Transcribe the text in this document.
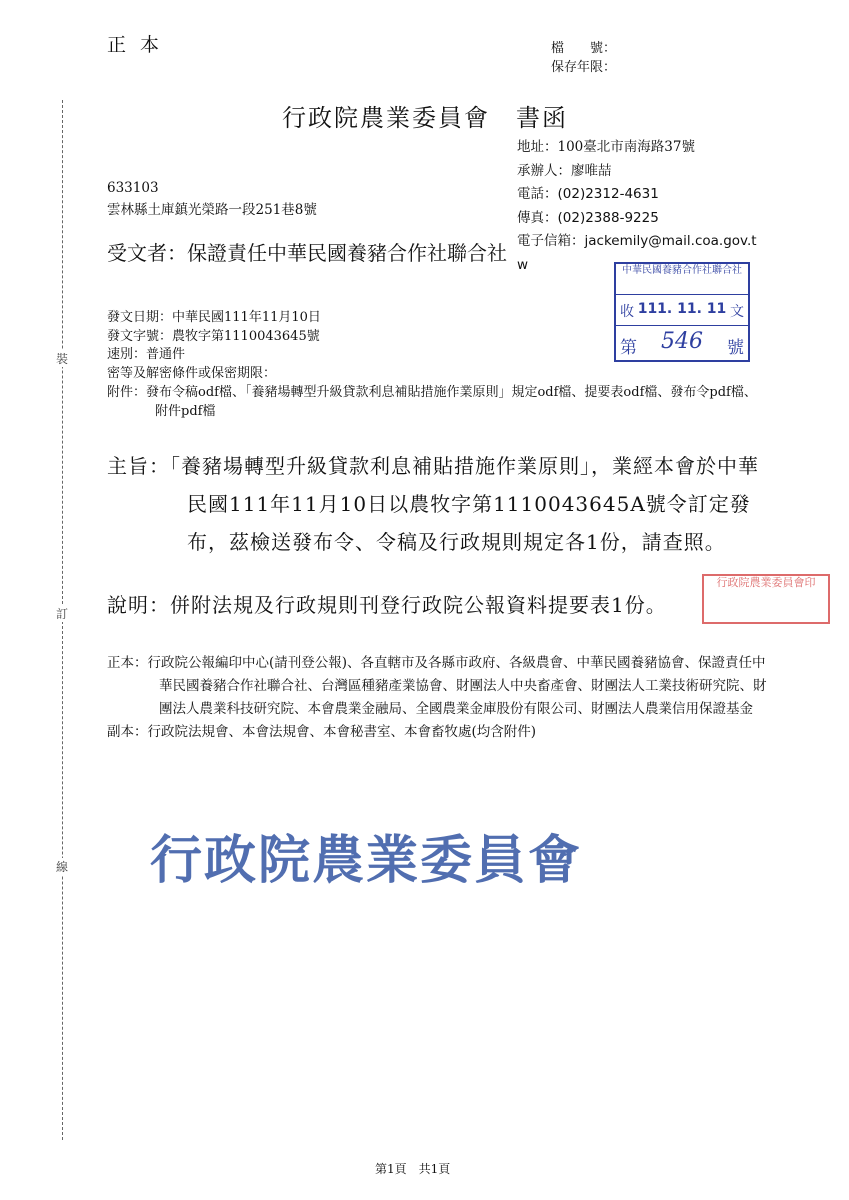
裝
訂
線
正本	檔　　號：
保存年限：
行政院農業委員會　書函
地址：100臺北市南海路37號
承辦人：廖唯喆
電話：(02)2312-4631
傳真：(02)2388-9225
電子信箱：jackemily@mail.coa.gov.tw
633103
雲林縣土庫鎮光榮路一段251巷8號
受文者：保證責任中華民國養豬合作社聯合社
發文日期：中華民國111年11月10日
發文字號：農牧字第1110043645號
速別：普通件
密等及解密條件或保密期限：
附件：發布令稿odf檔、「養豬場轉型升級貸款利息補貼措施作業原則」規定odf檔、提要表odf檔、發布令pdf檔、附件pdf檔
中華民國養豬合作社聯合社
收 111. 11. 11 文
第	546	號
主旨：「養豬場轉型升級貸款利息補貼措施作業原則」，業經本會於中華民國111年11月10日以農牧字第1110043645A號令訂定發布，茲檢送發布令、令稿及行政規則規定各1份，請查照。
說明：併附法規及行政規則刊登行政院公報資料提要表1份。
行政院農業委員會印
正本：行政院公報編印中心(請刊登公報)、各直轄市及各縣市政府、各級農會、中華民國養豬協會、保證責任中華民國養豬合作社聯合社、台灣區種豬產業協會、財團法人中央畜產會、財團法人工業技術研究院、財團法人農業科技研究院、本會農業金融局、全國農業金庫股份有限公司、財團法人農業信用保證基金
副本：行政院法規會、本會法規會、本會秘書室、本會畜牧處(均含附件)
行政院農業委員會
第1頁　共1頁
